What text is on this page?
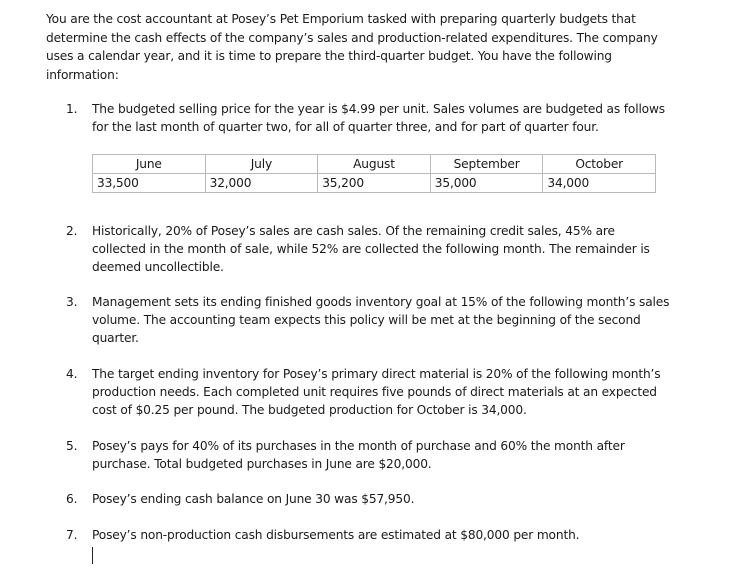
You are the cost accountant at Posey’s Pet Emporium tasked with preparing quarterly budgets that determine the cash effects of the company’s sales and production-related expenditures. The company uses a calendar year, and it is time to prepare the third-quarter budget. You have the following information:

1.	The budgeted selling price for the year is $4.99 per unit. Sales volumes are budgeted as follows for the last month of quarter two, for all of quarter three, and for part of quarter four.
June	July	August	September	October
33,500	32,000	35,200	35,000	34,000
2.	Historically, 20% of Posey’s sales are cash sales. Of the remaining credit sales, 45% are collected in the month of sale, while 52% are collected the following month. The remainder is deemed uncollectible.
3.	Management sets its ending finished goods inventory goal at 15% of the following month’s sales volume. The accounting team expects this policy will be met at the beginning of the second quarter.
4.	The target ending inventory for Posey’s primary direct material is 20% of the following month’s production needs. Each completed unit requires five pounds of direct materials at an expected cost of $0.25 per pound. The budgeted production for October is 34,000.
5.	Posey’s pays for 40% of its purchases in the month of purchase and 60% the month after purchase. Total budgeted purchases in June are $20,000.
6.	Posey’s ending cash balance on June 30 was $57,950.
7.	Posey’s non-production cash disbursements are estimated at $80,000 per month.
